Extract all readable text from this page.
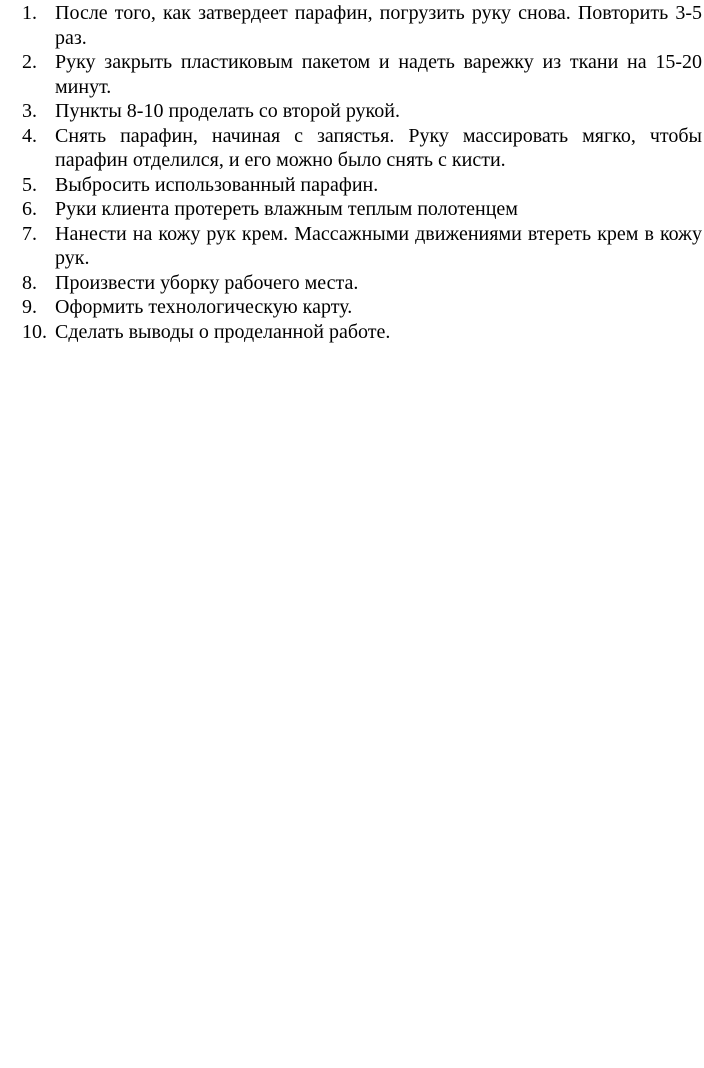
1. После того, как затвердеет парафин, погрузить руку снова. Повторить 3-5 раз.
2. Руку закрыть пластиковым пакетом и надеть варежку из ткани на 15-20 минут.
3. Пункты 8-10 проделать со второй рукой.
4. Снять парафин, начиная с запястья. Руку массировать мягко, чтобы парафин отделился, и его можно было снять с кисти.
5. Выбросить использованный парафин.
6. Руки клиента протереть влажным теплым полотенцем
7. Нанести на кожу рук крем. Массажными движениями втереть крем в кожу рук.
8. Произвести уборку рабочего места.
9. Оформить технологическую карту.
10. Сделать выводы о проделанной работе.
